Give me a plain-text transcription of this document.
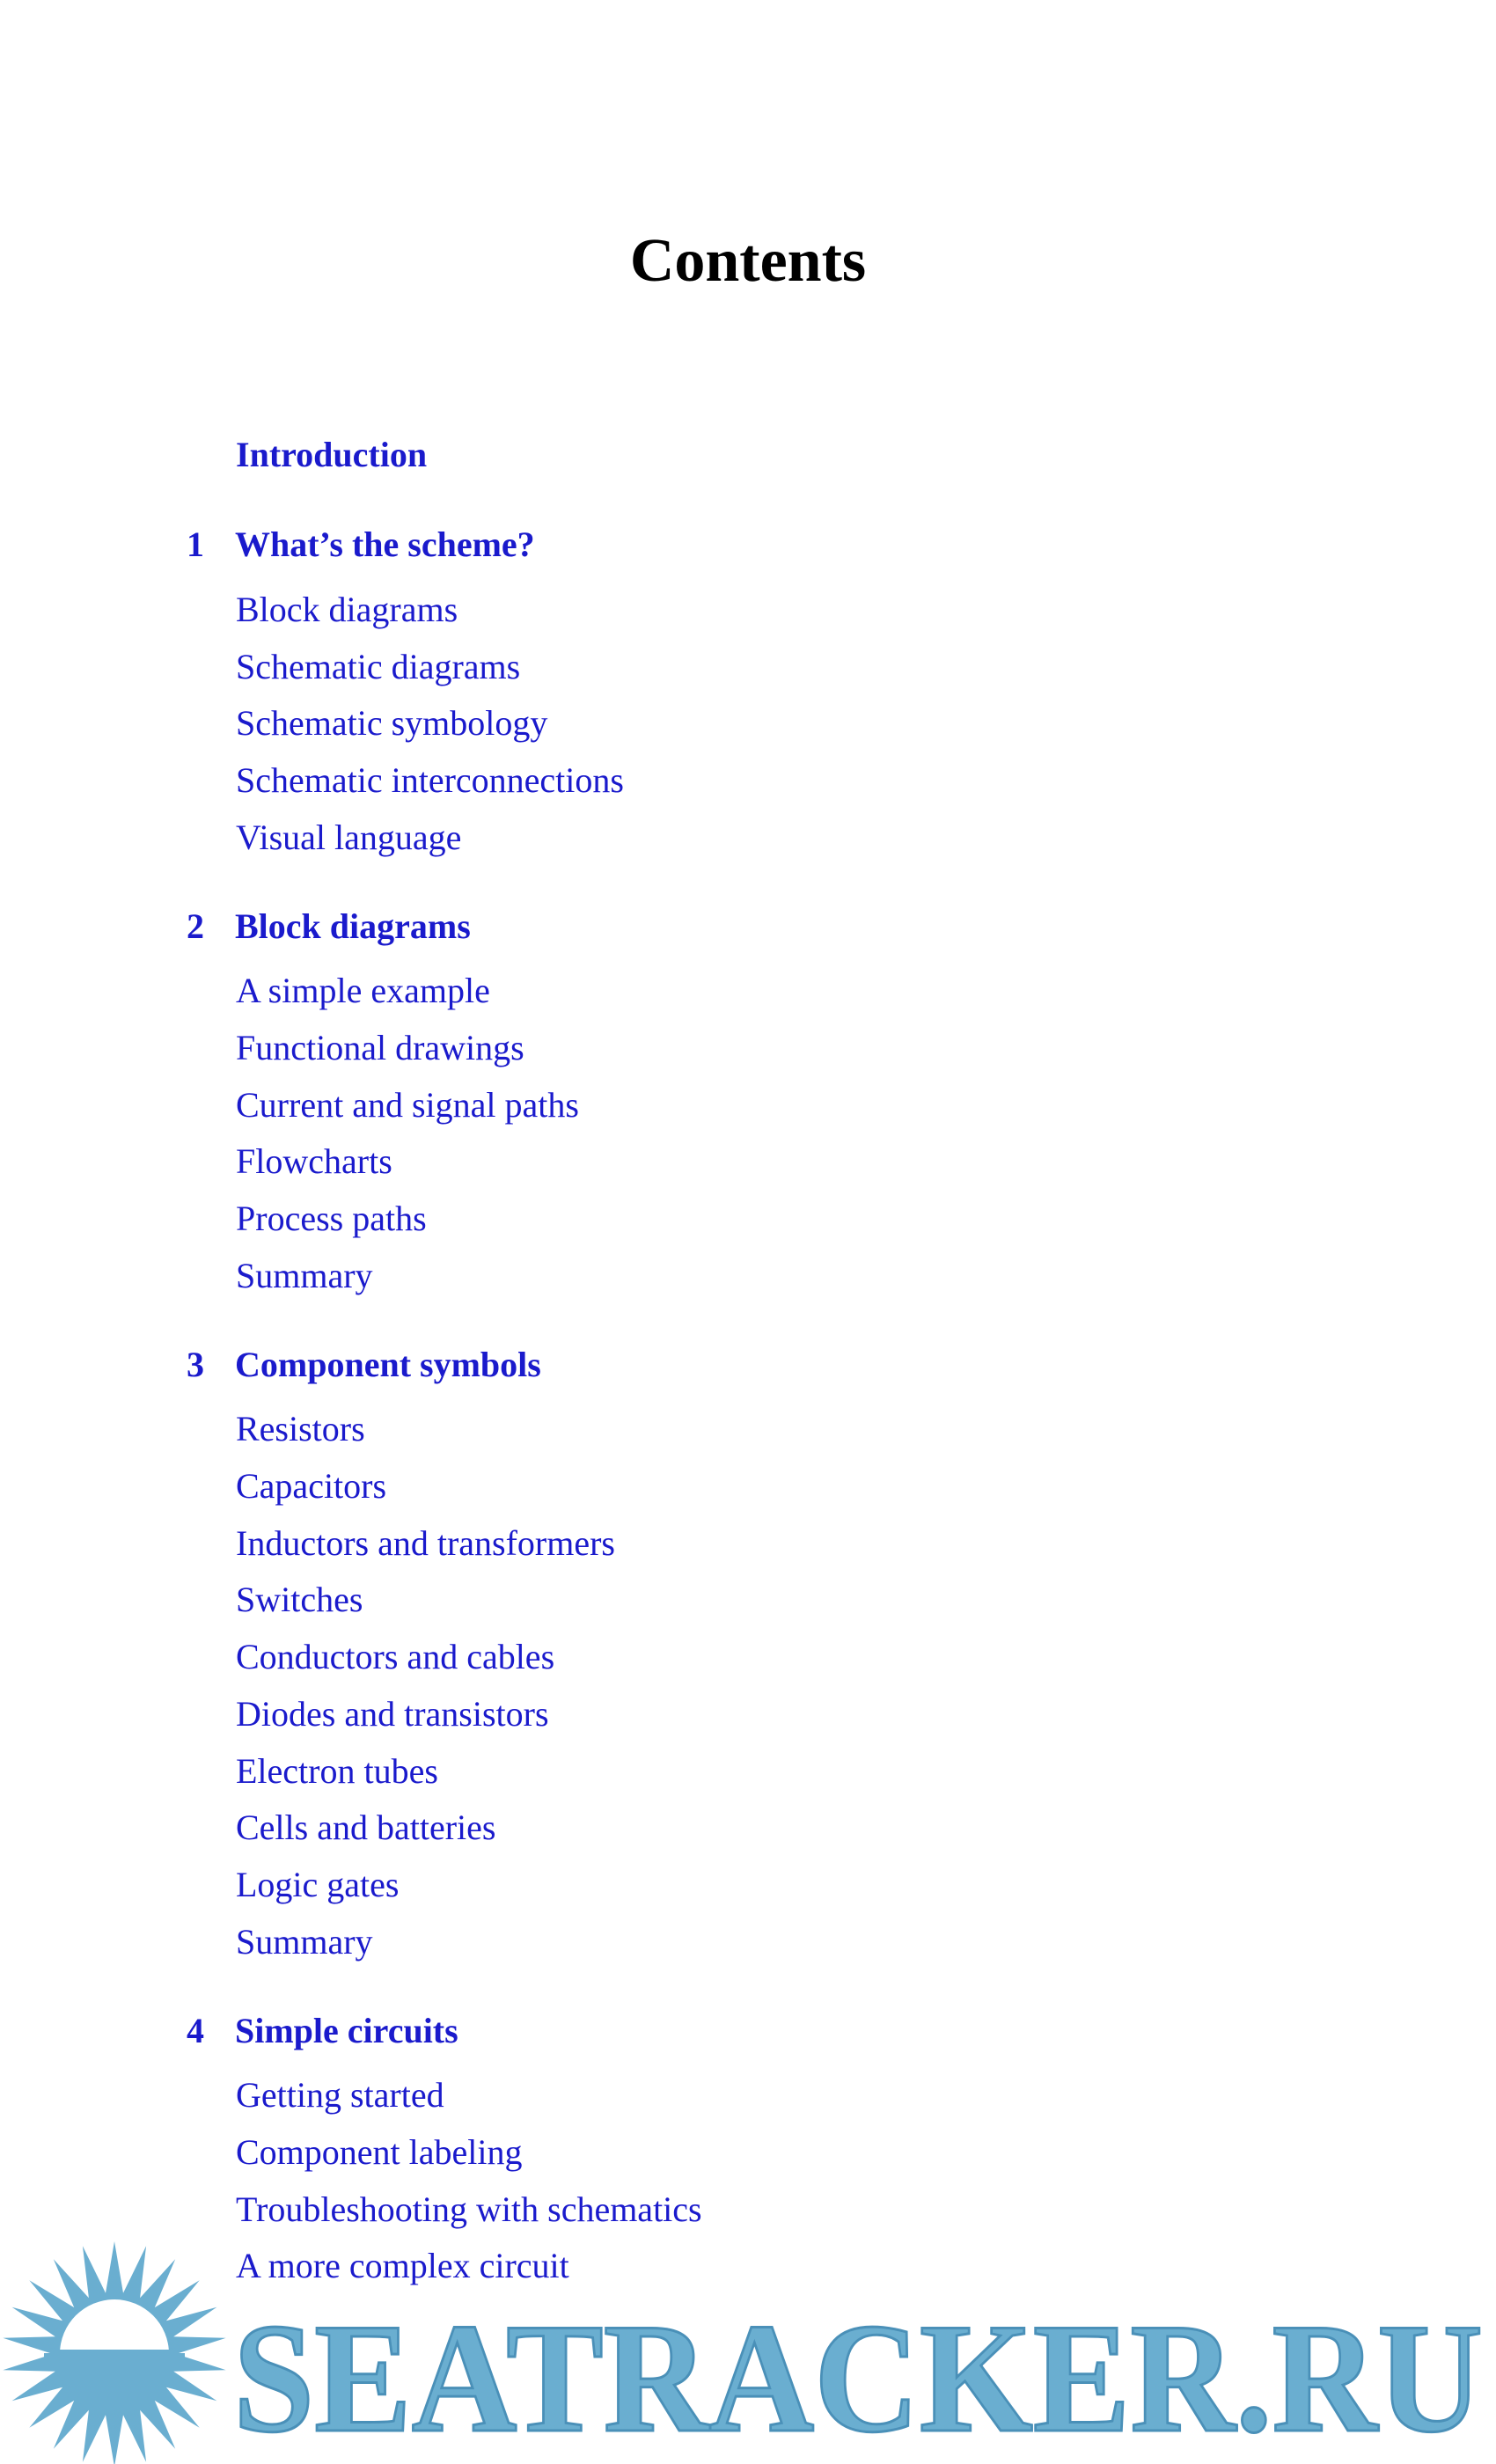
Contents
Introduction
1 What’s the scheme?
Block diagrams
Schematic diagrams
Schematic symbology
Schematic interconnections
Visual language
2 Block diagrams
A simple example
Functional drawings
Current and signal paths
Flowcharts
Process paths
Summary
3 Component symbols
Resistors
Capacitors
Inductors and transformers
Switches
Conductors and cables
Diodes and transistors
Electron tubes
Cells and batteries
Logic gates
Summary
4 Simple circuits
Getting started
Component labeling
Troubleshooting with schematics
A more complex circuit
SEATRACKER.RU
